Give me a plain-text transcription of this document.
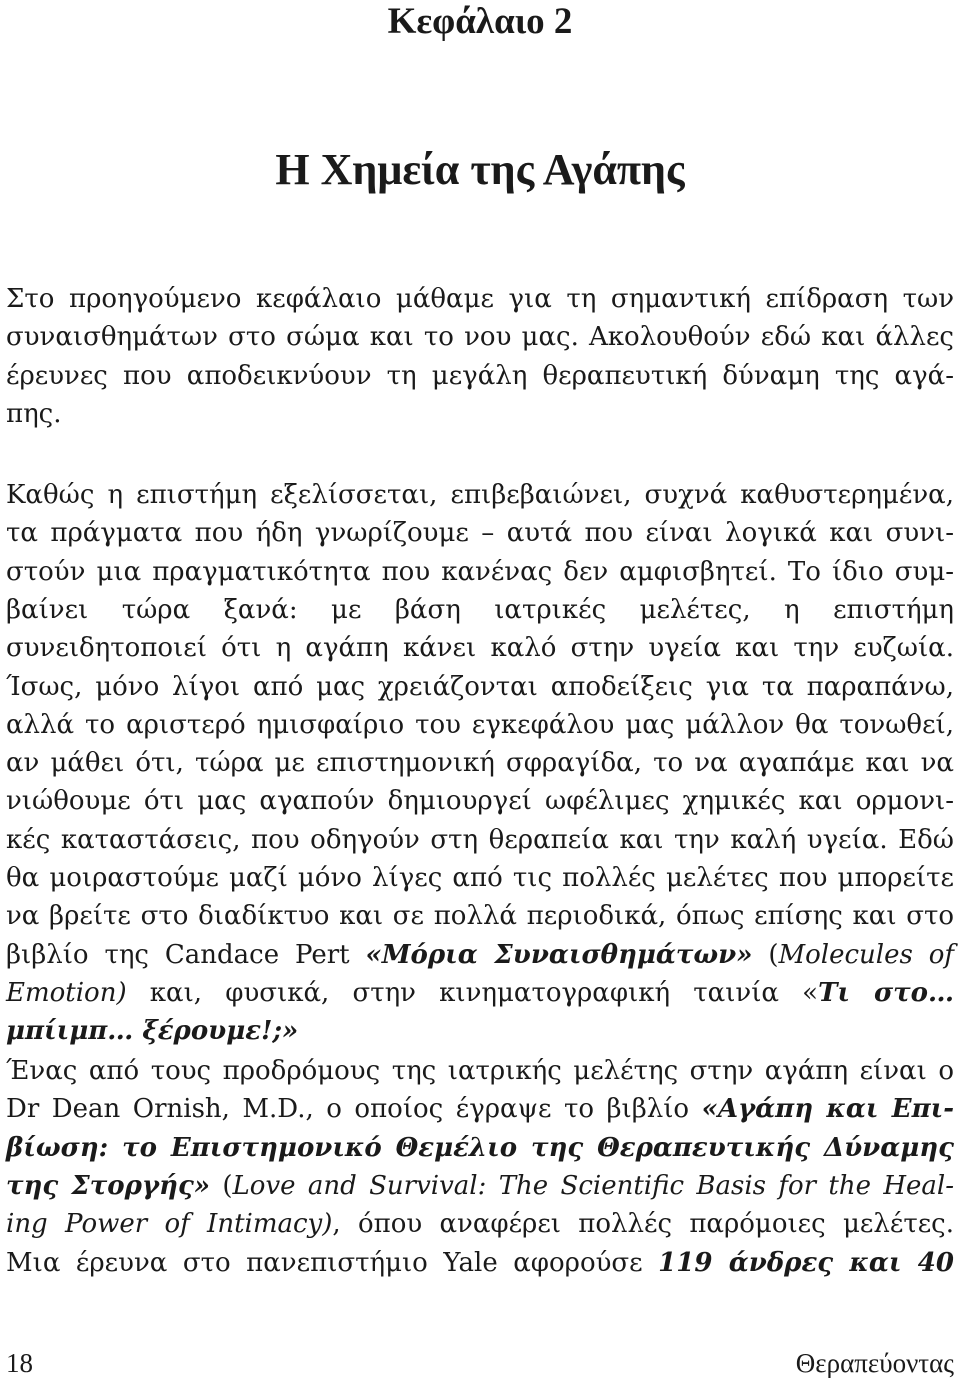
Κεφάλαιο 2
Η Χημεία της Αγάπης
Στο προηγούμενο κεφάλαιο μάθαμε για τη σημαντική επίδραση των
συναισθημάτων στο σώμα και το νου μας. Ακολουθούν εδώ και άλλες
έρευνες που αποδεικνύουν τη μεγάλη θεραπευτική δύναμη της αγά-
πης.
Καθώς η επιστήμη εξελίσσεται, επιβεβαιώνει, συχνά καθυστερημένα,
τα πράγματα που ήδη γνωρίζουμε – αυτά που είναι λογικά και συνι-
στούν μια πραγματικότητα που κανένας δεν αμφισβητεί. Το ίδιο συμ-
βαίνει τώρα ξανά: με βάση ιατρικές μελέτες, η επιστήμη
συνειδητοποιεί ότι η αγάπη κάνει καλό στην υγεία και την ευζωία.
Ίσως, μόνο λίγοι από μας χρειάζονται αποδείξεις για τα παραπάνω,
αλλά το αριστερό ημισφαίριο του εγκεφάλου μας μάλλον θα τονωθεί,
αν μάθει ότι, τώρα με επιστημονική σφραγίδα, το να αγαπάμε και να
νιώθουμε ότι μας αγαπούν δημιουργεί ωφέλιμες χημικές και ορμονι-
κές καταστάσεις, που οδηγούν στη θεραπεία και την καλή υγεία. Εδώ
θα μοιραστούμε μαζί μόνο λίγες από τις πολλές μελέτες που μπορείτε
να βρείτε στο διαδίκτυο και σε πολλά περιοδικά, όπως επίσης και στο
βιβλίο της Candace Pert «Μόρια Συναισθημάτων» (Molecules of
Emotion) και, φυσικά, στην κινηματογραφική ταινία «Τι στο…
μπίιμπ… ξέρουμε!;»
Ένας από τους προδρόμους της ιατρικής μελέτης στην αγάπη είναι ο
Dr Dean Ornish, M.D., ο οποίος έγραψε το βιβλίο «Αγάπη και Επι-
βίωση: το Επιστημονικό Θεμέλιο της Θεραπευτικής Δύναμης
της Στοργής» (Love and Survival: The Scientific Basis for the Heal-
ing Power of Intimacy), όπου αναφέρει πολλές παρόμοιες μελέτες.
Μια έρευνα στο πανεπιστήμιο Yale αφορούσε 119 άνδρες και 40
18	Θεραπεύοντας
